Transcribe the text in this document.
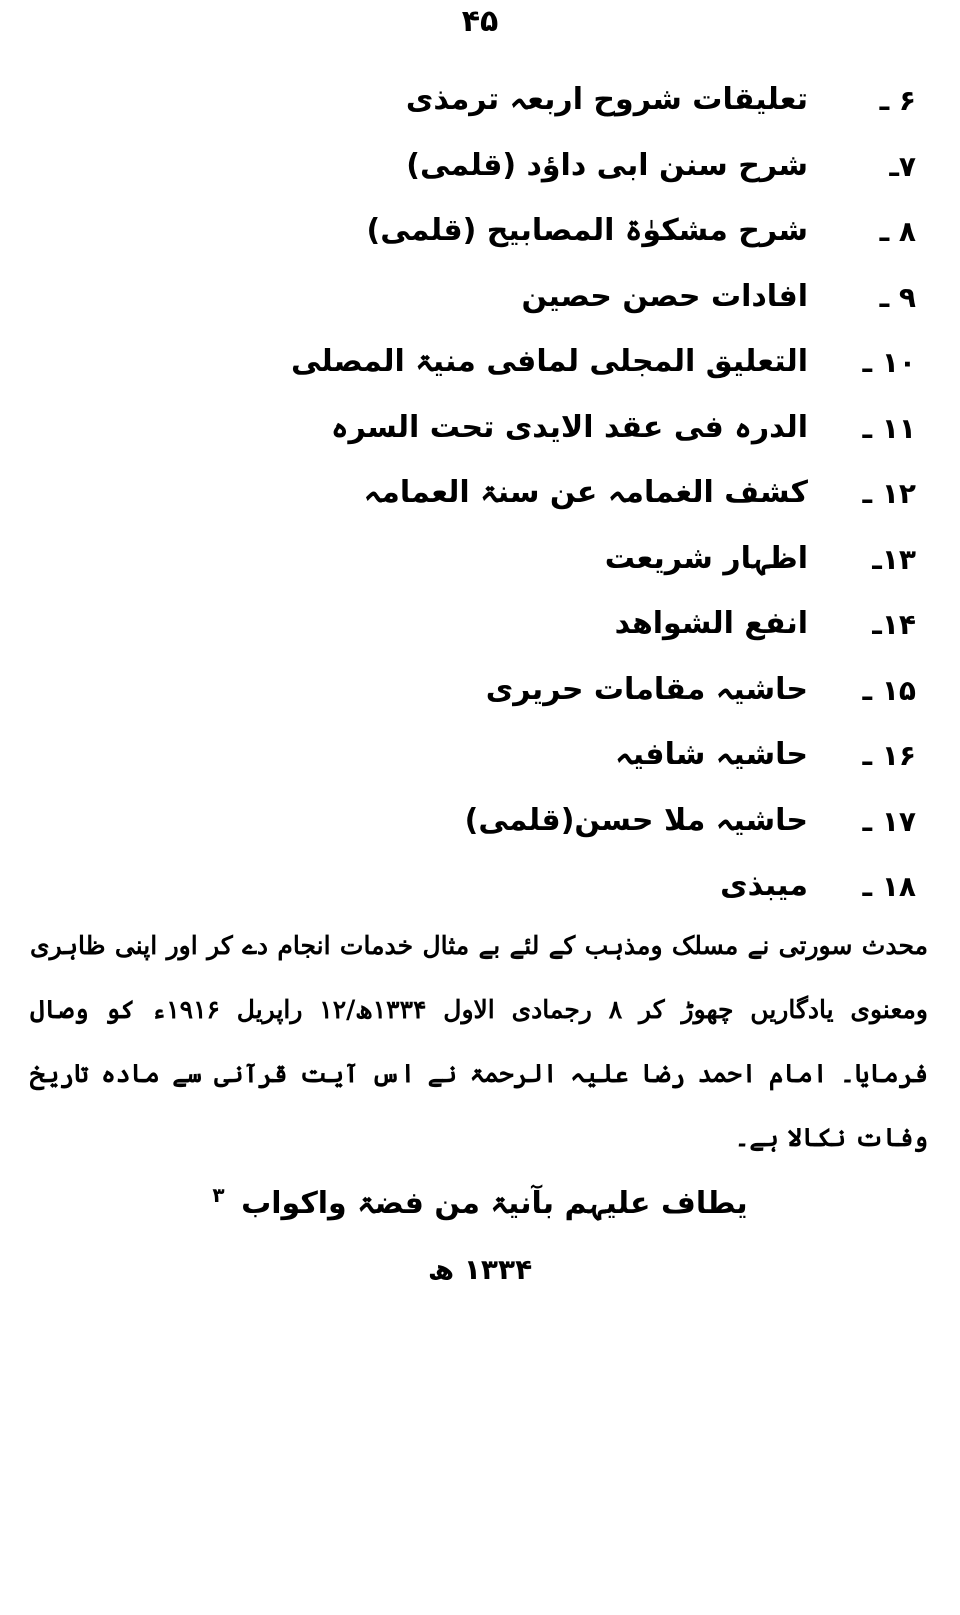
۴۵
۶ ـ
تعلیقات شروح اربعہ ترمذی
۷ـ
شرح سنن ابی داؤد (قلمی)
۸ ـ
شرح مشکوٰۃ المصابیح (قلمی)
۹ ـ
افادات حصن حصین
۱۰ ـ
التعلیق المجلی لمافی منیۃ المصلی
۱۱ ـ
الدرہ فی عقد الایدی تحت السرہ
۱۲ ـ
کشف الغمامہ عن سنۃ العمامہ
۱۳ـ
اظہار شریعت
۱۴ـ
انفع الشواھد
۱۵ ـ
حاشیہ مقامات حریری
۱۶ ـ
حاشیہ شافیہ
۱۷ ـ
حاشیہ ملا حسن(قلمی)
۱۸ ـ
میبذی

محدث سورتی نے مسلک ومذہب کے لئے بے مثال خدمات انجام دے کر اور اپنی ظاہری ومعنوی یادگاریں چھوڑ کر ۸ رجمادی الاول ۱۳۳۴ھ/۱۲ راپریل ۱۹۱۶ء کو وصال فرمایا۔ امام احمد رضا علیہ الرحمۃ نے اس آیت قرآنی سے مادہ تاریخ وفات نکالا ہے۔

یطاف علیہم بآنیۃ من فضۃ واکواب $^۳$
۱۳۳۴ ھ
